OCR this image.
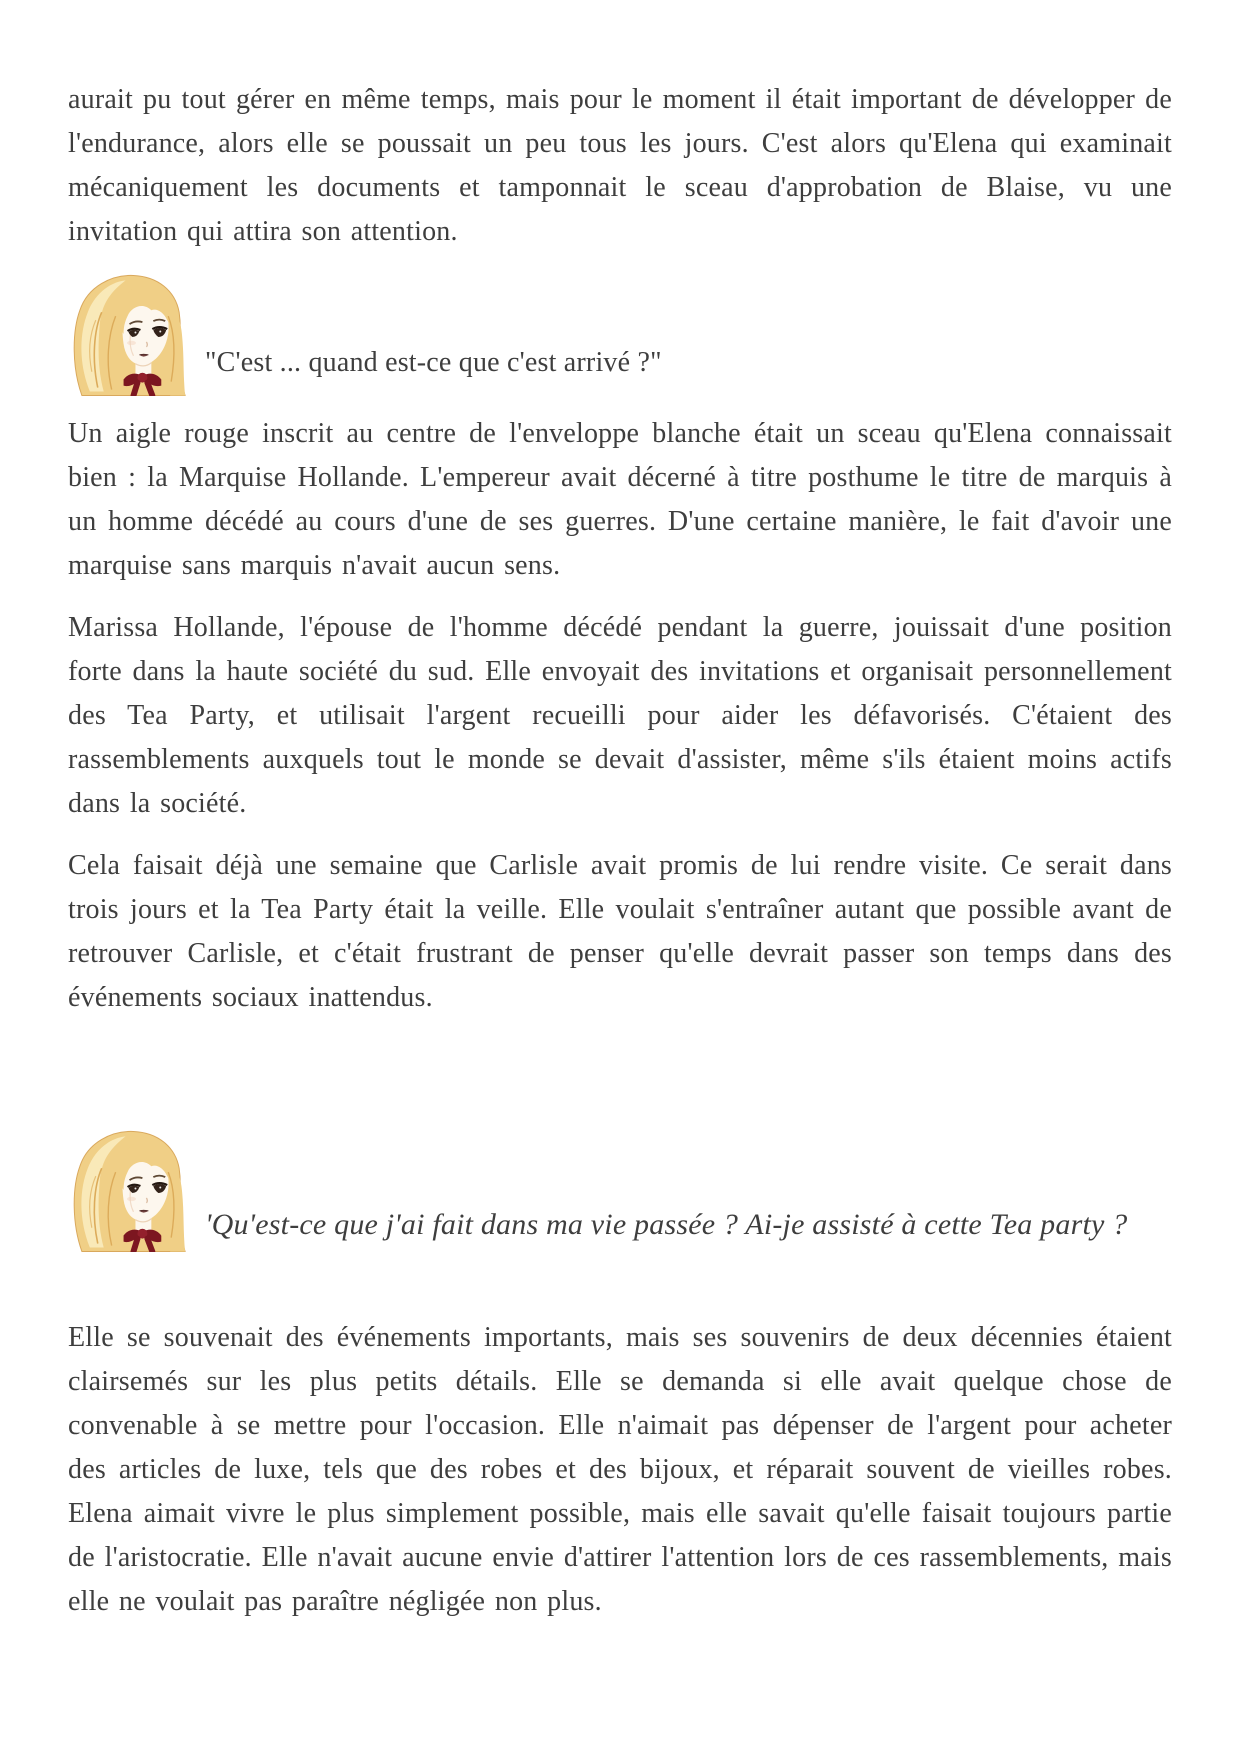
aurait pu tout gérer en même temps, mais pour le moment il était important de développer de l'endurance, alors elle se poussait un peu tous les jours. C'est alors qu'Elena qui examinait mécaniquement les documents et tamponnait le sceau d'approbation de Blaise, vu une invitation qui attira son attention.

"C'est ... quand est-ce que c'est arrivé ?"

Un aigle rouge inscrit au centre de l'enveloppe blanche était un sceau qu'Elena connaissait bien : la Marquise Hollande. L'empereur avait décerné à titre posthume le titre de marquis à un homme décédé au cours d'une de ses guerres. D'une certaine manière, le fait d'avoir une marquise sans marquis n'avait aucun sens.

Marissa Hollande, l'épouse de l'homme décédé pendant la guerre, jouissait d'une position forte dans la haute société du sud. Elle envoyait des invitations et organisait personnellement des Tea Party, et utilisait l'argent recueilli pour aider les défavorisés. C'étaient des rassemblements auxquels tout le monde se devait d'assister, même s'ils étaient moins actifs dans la société.

Cela faisait déjà une semaine que Carlisle avait promis de lui rendre visite. Ce serait dans trois jours et la Tea Party était la veille. Elle voulait s'entraîner autant que possible avant de retrouver Carlisle, et c'était frustrant de penser qu'elle devrait passer son temps dans des événements sociaux inattendus.

'Qu'est-ce que j'ai fait dans ma vie passée ? Ai-je assisté à cette Tea party ?

Elle se souvenait des événements importants, mais ses souvenirs de deux décennies étaient clairsemés sur les plus petits détails. Elle se demanda si elle avait quelque chose de convenable à se mettre pour l'occasion. Elle n'aimait pas dépenser de l'argent pour acheter des articles de luxe, tels que des robes et des bijoux, et réparait souvent de vieilles robes. Elena aimait vivre le plus simplement possible, mais elle savait qu'elle faisait toujours partie de l'aristocratie. Elle n'avait aucune envie d'attirer l'attention lors de ces rassemblements, mais elle ne voulait pas paraître négligée non plus.
